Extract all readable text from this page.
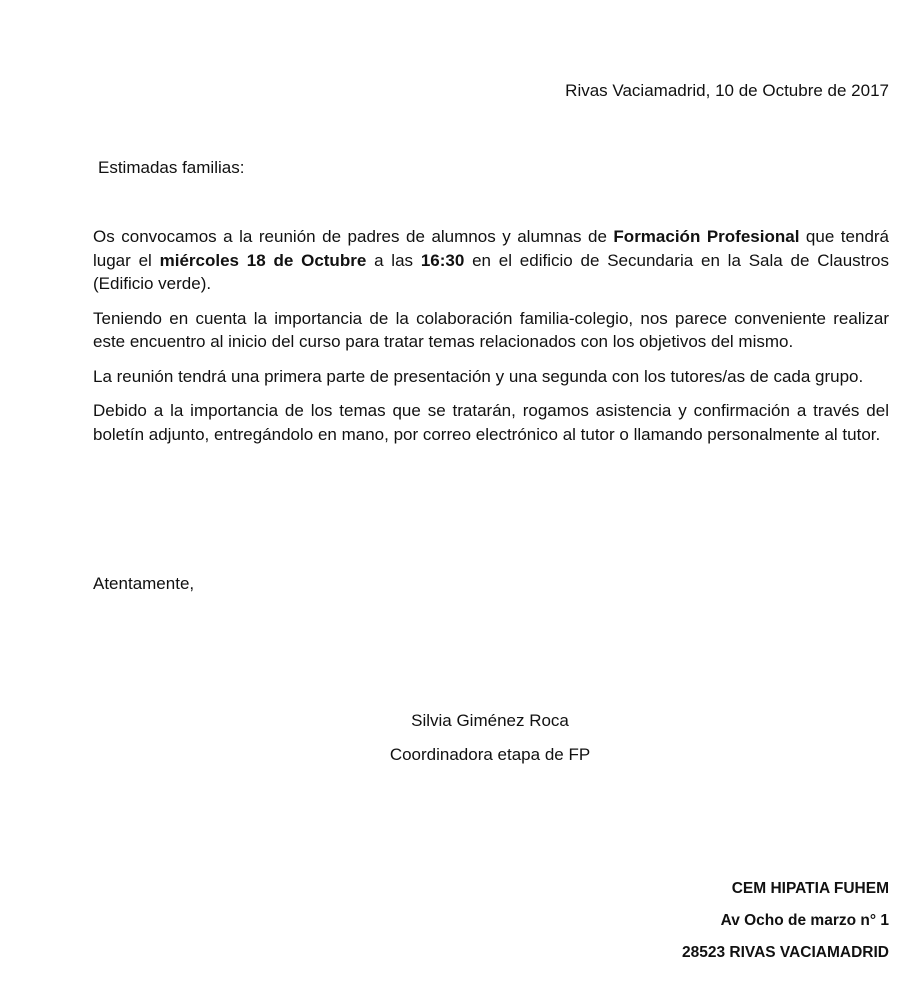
Rivas Vaciamadrid, 10 de Octubre de 2017
Estimadas familias:

Os convocamos a la reunión de padres de alumnos y alumnas de Formación Profesional que tendrá lugar el miércoles 18 de Octubre a las 16:30 en el edificio de Secundaria en la Sala de Claustros (Edificio verde).

Teniendo en cuenta la importancia de la colaboración familia-colegio, nos parece conveniente realizar este encuentro al inicio del curso para tratar temas relacionados con los objetivos del mismo.

La reunión tendrá una primera parte de presentación y una segunda con los tutores/as de cada grupo.

Debido a la importancia de los temas que se tratarán, rogamos asistencia y confirmación a través del boletín adjunto, entregándolo en mano, por correo electrónico al tutor o llamando personalmente al tutor.

Atentamente,
Silvia Giménez Roca
Coordinadora etapa de FP
CEM HIPATIA FUHEM
Av Ocho de marzo n° 1
28523 RIVAS VACIAMADRID
